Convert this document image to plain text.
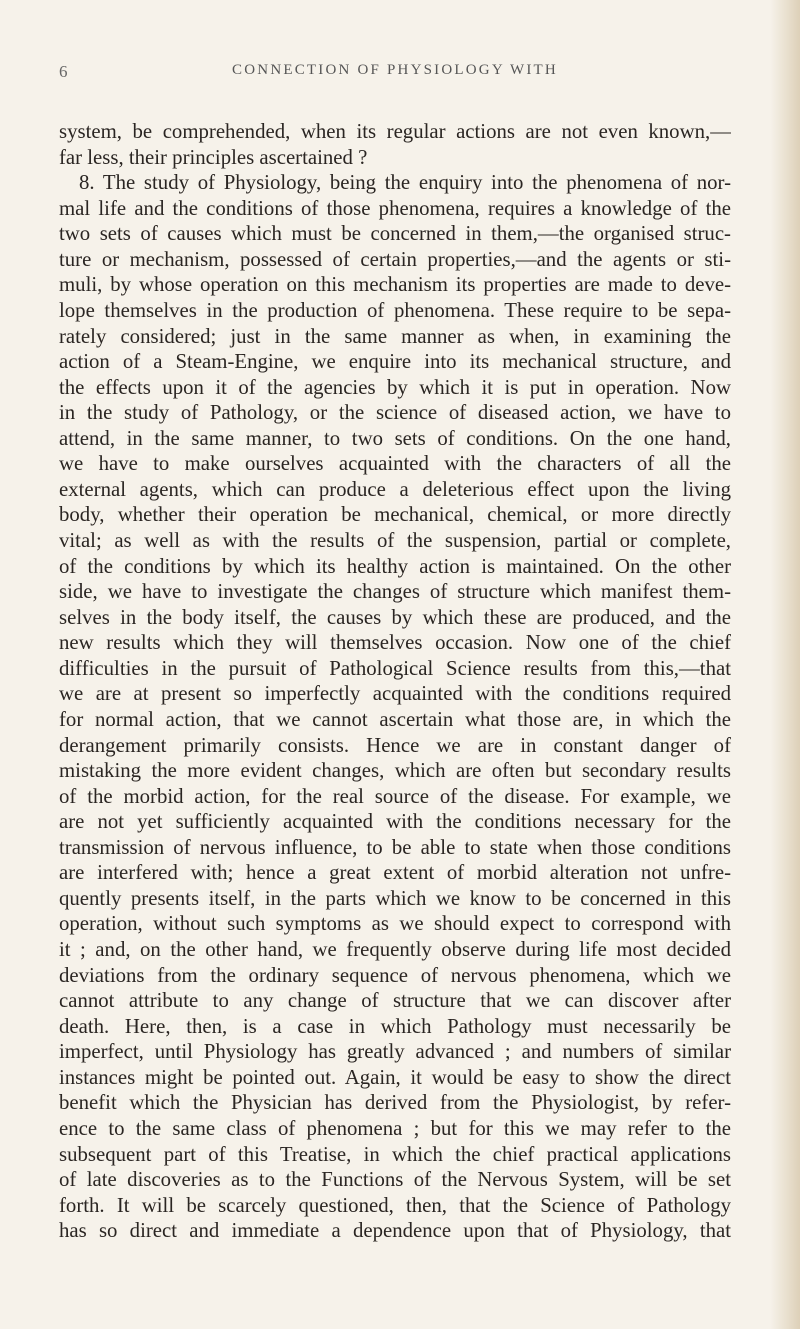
6	CONNECTION OF PHYSIOLOGY WITH
system, be comprehended, when its regular actions are not even known,—
far less, their principles ascertained ?
8. The study of Physiology, being the enquiry into the phenomena of nor-
mal life and the conditions of those phenomena, requires a knowledge of the
two sets of causes which must be concerned in them,—the organised struc-
ture or mechanism, possessed of certain properties,—and the agents or sti-
muli, by whose operation on this mechanism its properties are made to deve-
lope themselves in the production of phenomena. These require to be sepa-
rately considered; just in the same manner as when, in examining the
action of a Steam-Engine, we enquire into its mechanical structure, and
the effects upon it of the agencies by which it is put in operation. Now
in the study of Pathology, or the science of diseased action, we have to
attend, in the same manner, to two sets of conditions. On the one hand,
we have to make ourselves acquainted with the characters of all the
external agents, which can produce a deleterious effect upon the living
body, whether their operation be mechanical, chemical, or more directly
vital; as well as with the results of the suspension, partial or complete,
of the conditions by which its healthy action is maintained. On the other
side, we have to investigate the changes of structure which manifest them-
selves in the body itself, the causes by which these are produced, and the
new results which they will themselves occasion. Now one of the chief
difficulties in the pursuit of Pathological Science results from this,—that
we are at present so imperfectly acquainted with the conditions required
for normal action, that we cannot ascertain what those are, in which the
derangement primarily consists. Hence we are in constant danger of
mistaking the more evident changes, which are often but secondary results
of the morbid action, for the real source of the disease. For example, we
are not yet sufficiently acquainted with the conditions necessary for the
transmission of nervous influence, to be able to state when those conditions
are interfered with; hence a great extent of morbid alteration not unfre-
quently presents itself, in the parts which we know to be concerned in this
operation, without such symptoms as we should expect to correspond with
it ; and, on the other hand, we frequently observe during life most decided
deviations from the ordinary sequence of nervous phenomena, which we
cannot attribute to any change of structure that we can discover after
death. Here, then, is a case in which Pathology must necessarily be
imperfect, until Physiology has greatly advanced ; and numbers of similar
instances might be pointed out. Again, it would be easy to show the direct
benefit which the Physician has derived from the Physiologist, by refer-
ence to the same class of phenomena ; but for this we may refer to the
subsequent part of this Treatise, in which the chief practical applications
of late discoveries as to the Functions of the Nervous System, will be set
forth. It will be scarcely questioned, then, that the Science of Pathology
has so direct and immediate a dependence upon that of Physiology, that
